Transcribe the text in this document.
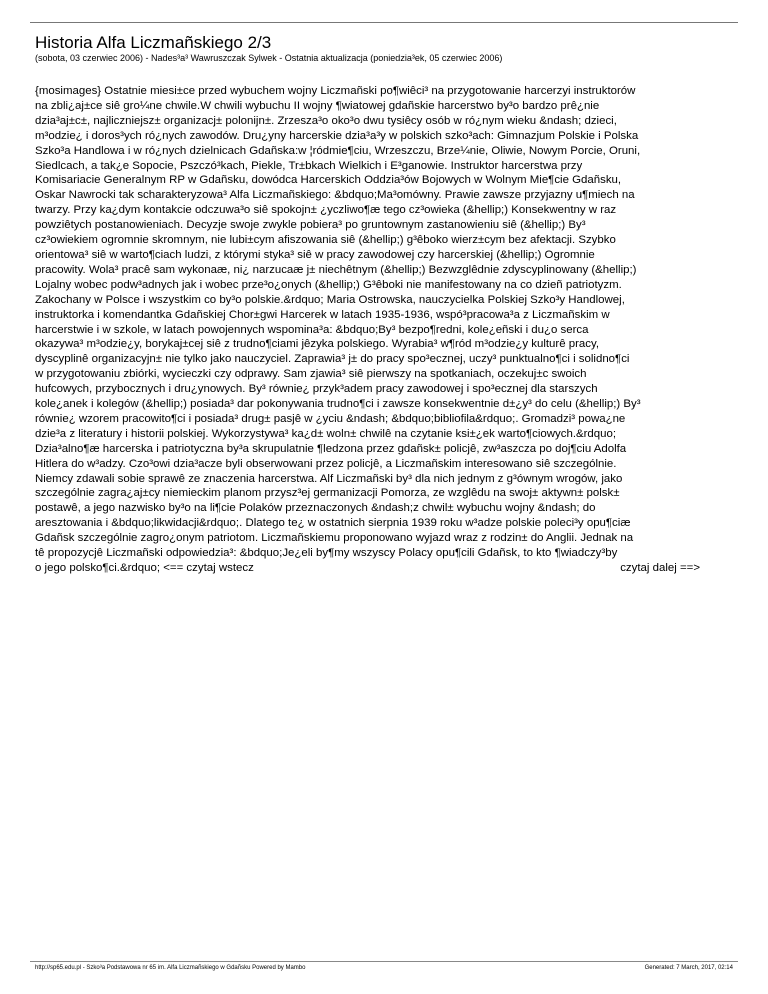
Historia Alfa Liczmañskiego 2/3
(sobota, 03 czerwiec 2006) - Nades³a³ Wawruszczak Sylwek - Ostatnia aktualizacja (poniedzia³ek, 05 czerwiec 2006)

{mosimages} Ostatnie miesi±ce przed wybuchem wojny Liczmañski po¶wiêci³ na przygotowanie harcerzyi instruktorów

na zbli¿aj±ce siê gro¼ne chwile.W chwili wybuchu II wojny ¶wiatowej gdañskie harcerstwo by³o bardzo prê¿nie

dzia³aj±c±, najliczniejsz± organizacj± polonijn±. Zrzesza³o oko³o dwu tysiêcy osób w ró¿nym wieku &ndash; dzieci,

m³odzie¿ i doros³ych ró¿nych zawodów. Dru¿yny harcerskie dzia³a³y w polskich szko³ach: Gimnazjum Polskie i Polska

Szko³a Handlowa i w ró¿nych dzielnicach Gdañska:w ¦ródmie¶ciu, Wrzeszczu, Brze¼nie, Oliwie, Nowym Porcie, Oruni,

Siedlcach, a tak¿e Sopocie, Pszczó³kach, Piekle, Tr±bkach Wielkich i E³ganowie. Instruktor harcerstwa przy

Komisariacie Generalnym RP w Gdañsku, dowódca Harcerskich Oddzia³ów Bojowych w Wolnym Mie¶cie Gdañsku,

Oskar Nawrocki tak scharakteryzowa³ Alfa Liczmañskiego: &bdquo;Ma³omówny. Prawie zawsze przyjazny u¶miech na

twarzy. Przy ka¿dym kontakcie odczuwa³o siê spokojn± ¿yczliwo¶æ tego cz³owieka (&hellip;) Konsekwentny w raz

powziêtych postanowieniach. Decyzje swoje zwykle pobiera³ po gruntownym zastanowieniu siê (&hellip;) By³

cz³owiekiem ogromnie skromnym, nie lubi±cym afiszowania siê (&hellip;) g³êboko wierz±cym bez afektacji. Szybko

orientowa³ siê w warto¶ciach ludzi, z którymi styka³ siê w pracy zawodowej czy harcerskiej (&hellip;) Ogromnie

pracowity. Wola³ pracê sam wykonaæ, ni¿ narzucaæ j± niechêtnym (&hellip;) Bezwzglêdnie zdyscyplinowany (&hellip;)

Lojalny wobec podw³adnych jak i wobec prze³o¿onych (&hellip;) G³êboki nie manifestowany na co dzieñ patriotyzm.

Zakochany w Polsce i wszystkim co by³o polskie.&rdquo; Maria Ostrowska, nauczycielka Polskiej Szko³y Handlowej,

instruktorka i komendantka Gdañskiej Chor±gwi Harcerek w latach 1935-1936, wspó³pracowa³a z Liczmañskim w

harcerstwie i w szkole, w latach powojennych wspomina³a: &bdquo;By³ bezpo¶redni, kole¿eñski i du¿o serca

okazywa³ m³odzie¿y, borykaj±cej siê z trudno¶ciami jêzyka polskiego. Wyrabia³ w¶ród m³odzie¿y kulturê pracy,

dyscyplinê organizacyjn± nie tylko jako nauczyciel. Zaprawia³ j± do pracy spo³ecznej, uczy³ punktualno¶ci i solidno¶ci

w przygotowaniu zbiórki, wycieczki czy odprawy. Sam zjawia³ siê pierwszy na spotkaniach, oczekuj±c swoich

hufcowych, przybocznych i dru¿ynowych. By³ równie¿ przyk³adem pracy zawodowej i spo³ecznej dla starszych

kole¿anek i kolegów (&hellip;) posiada³ dar pokonywania trudno¶ci i zawsze konsekwentnie d±¿y³ do celu (&hellip;) By³

równie¿ wzorem pracowito¶ci i posiada³ drug± pasjê w ¿yciu &ndash; &bdquo;bibliofila&rdquo;. Gromadzi³ powa¿ne

dzie³a z literatury i historii polskiej. Wykorzystywa³ ka¿d± woln± chwilê na czytanie ksi±¿ek warto¶ciowych.&rdquo;

Dzia³alno¶æ harcerska i patriotyczna by³a skrupulatnie ¶ledzona przez gdañsk± policjê, zw³aszcza po doj¶ciu Adolfa

Hitlera do w³adzy. Czo³owi dzia³acze byli obserwowani przez policjê, a Liczmañskim interesowano siê szczególnie.

Niemcy zdawali sobie sprawê ze znaczenia harcerstwa. Alf Liczmañski by³ dla nich jednym z g³ównym wrogów, jako

szczególnie zagra¿aj±cy niemieckim planom przysz³ej germanizacji Pomorza, ze wzglêdu na swoj± aktywn± polsk±

postawê, a jego nazwisko by³o na li¶cie Polaków przeznaczonych &ndash;z chwil± wybuchu wojny &ndash; do

aresztowania i &bdquo;likwidacji&rdquo;. Dlatego te¿ w ostatnich sierpnia 1939 roku w³adze polskie poleci³y opu¶ciæ

Gdañsk szczególnie zagro¿onym patriotom. Liczmañskiemu proponowano wyjazd wraz z rodzin± do Anglii. Jednak na

tê propozycjê Liczmañski odpowiedzia³: &bdquo;Je¿eli by¶my wszyscy Polacy opu¶cili Gdañsk, to kto ¶wiadczy³by

o jego polsko¶ci.&rdquo; <== czytaj wstecz	czytaj dalej ==>
http://sp65.edu.pl - Szko³a Podstawowa nr 65 im. Alfa Liczmañskiego w Gdañsku Powered by Mambo	Generated: 7 March, 2017, 02:14
